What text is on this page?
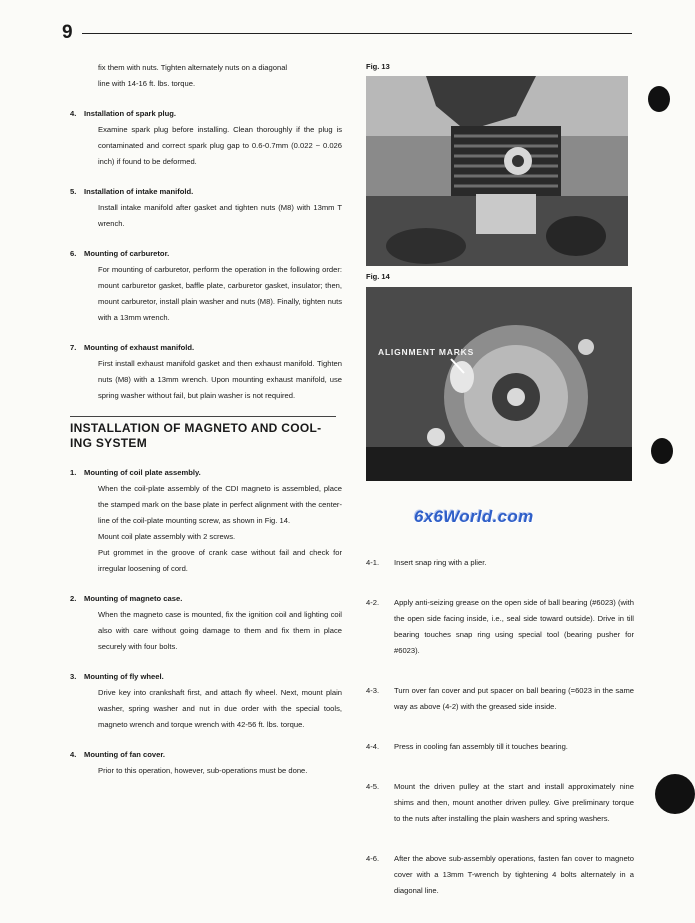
9
fix them with nuts. Tighten alternately nuts on a diagonal
line with 14-16 ft. lbs. torque.
4. Installation of spark plug.
Examine spark plug before installing. Clean thoroughly if the plug is contaminated and correct spark plug gap to 0.6-0.7mm (0.022 ~ 0.026 inch) if found to be deformed.
5. Installation of intake manifold.
Install intake manifold after gasket and tighten nuts (M8) with 13mm T wrench.
6. Mounting of carburetor.
For mounting of carburetor, perform the operation in the following order: mount carburetor gasket, baffle plate, carburetor gasket, insulator; then, mount carburetor, install plain washer and nuts (M8). Finally, tighten nuts with a 13mm wrench.
7. Mounting of exhaust manifold.
First install exhaust manifold gasket and then exhaust manifold. Tighten nuts (M8) with a 13mm wrench. Upon mounting exhaust manifold, use spring washer without fail, but plain washer is not required.
INSTALLATION OF MAGNETO AND COOL-
ING SYSTEM
1. Mounting of coil plate assembly.

When the coil-plate assembly of the CDI magneto is assembled, place the stamped mark on the base plate in perfect alignment with the center-line of the coil-plate mounting screw, as shown in Fig. 14.

Mount coil plate assembly with 2 screws.

Put grommet in the groove of crank case without fail and check for irregular loosening of cord.

2. Mounting of magneto case.

When the magneto case is mounted, fix the ignition coil and lighting coil also with care without going damage to them and fix them in place securely with four bolts.

3. Mounting of fly wheel.

Drive key into crankshaft first, and attach fly wheel. Next, mount plain washer, spring washer and nut in due order with the special tools, magneto wrench and torque wrench with 42-56 ft. lbs. torque.

4. Mounting of fan cover.

Prior to this operation, however, sub-operations must be done.

Fig. 13
Fig. 14
ALIGNMENT MARKS
6x6World.com
4-1.	Insert snap ring with a plier.
4-2.	Apply anti-seizing grease on the open side of ball bearing (#6023) (with the open side facing inside, i.e., seal side toward outside). Drive in till bearing touches snap ring using special tool (bearing pusher for #6023).
4-3.	Turn over fan cover and put spacer on ball bearing (=6023 in the same way as above (4-2) with the greased side inside.
4-4.	Press in cooling fan assembly till it touches bearing.
4-5.	Mount the driven pulley at the start and install approximately nine shims and then, mount another driven pulley. Give preliminary torque to the nuts after installing the plain washers and spring washers.
4-6.	After the above sub-assembly operations, fasten fan cover to magneto cover with a 13mm T-wrench by tightening 4 bolts alternately in a diagonal line.
